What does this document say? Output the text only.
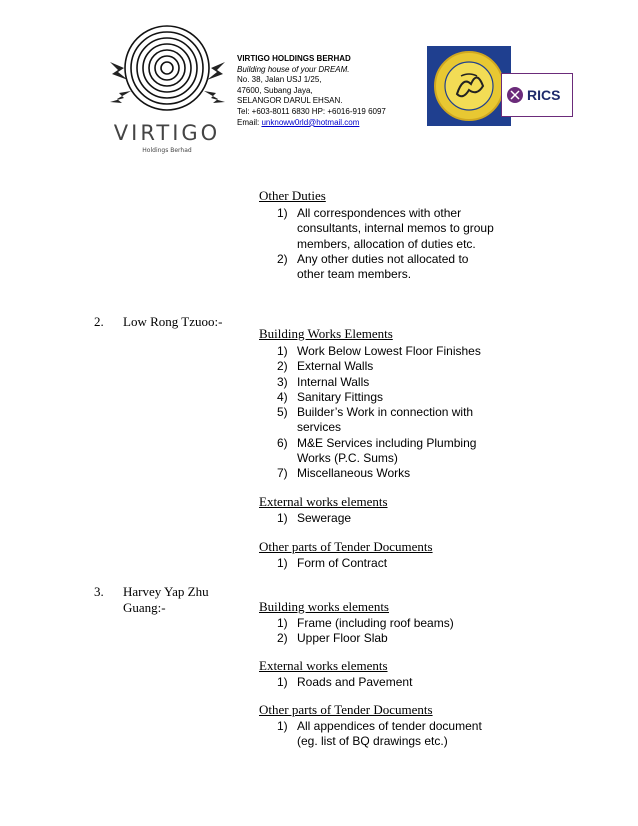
VIRTIGO
Holdings Berhad
VIRTIGO HOLDINGS BERHAD
Building house of your DREAM.
No. 38, Jalan USJ 1/25,
47600, Subang Jaya,
SELANGOR DARUL EHSAN.
Tel: +603-8011 6830 HP: +6016-919 6097
Email: unknoww0rld@hotmail.com
RICS
Other Duties
1) All correspondences with other consultants, internal memos to group members, allocation of duties etc.
2) Any other duties not allocated to other team members.
2. Low Rong Tzuoo:-
Building Works Elements
1) Work Below Lowest Floor Finishes
2) External Walls
3) Internal Walls
4) Sanitary Fittings
5) Builder’s Work in connection with services
6) M&E Services including Plumbing Works (P.C. Sums)
7) Miscellaneous Works
External works elements
1) Sewerage
Other parts of Tender Documents
1) Form of Contract
3. Harvey Yap Zhu
Guang:-	Building works elements
1) Frame (including roof beams)
2) Upper Floor Slab
External works elements
1) Roads and Pavement
Other parts of Tender Documents
1) All appendices of tender document (eg. list of BQ drawings etc.)
